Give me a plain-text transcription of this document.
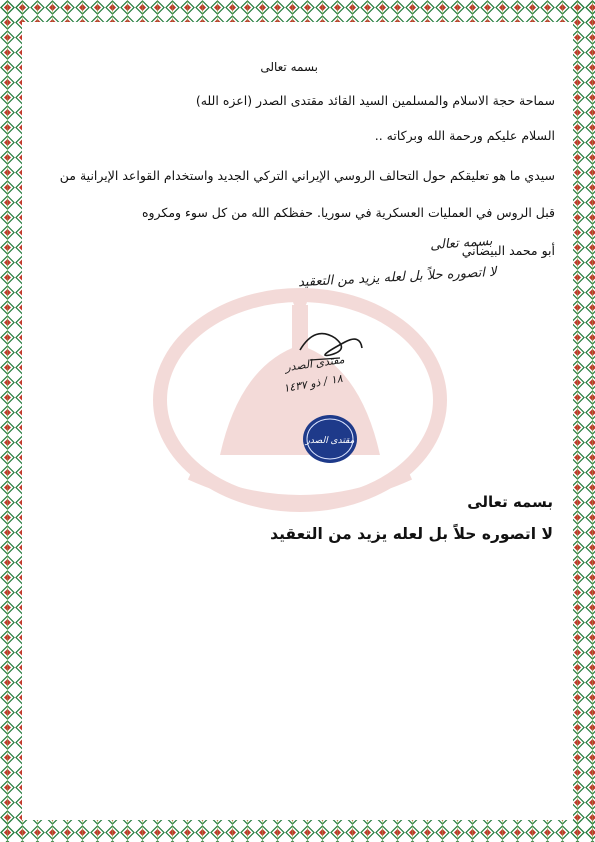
بسمه تعالى
سماحة حجة الاسلام والمسلمين السيد القائد مقتدى الصدر (اعزه الله)
السلام عليكم ورحمة الله وبركاته ..
سيدي ما هو تعليقكم حول التحالف الروسي الإيراني التركي الجديد واستخدام القواعد الإيرانية من
قبل الروس في العمليات العسكرية في سوريا. حفظكم الله من كل سوء ومكروه
أبو محمد البيضاني
بسمه تعالى
لا اتصوره حلاً بل لعله يزيد من التعقيد
مقتدى الصدر
١٨ / ذو ١٤٣٧
مقتدى الصدر
بسمه تعالى
لا اتصوره حلاً بل لعله يزيد من التعقيد
